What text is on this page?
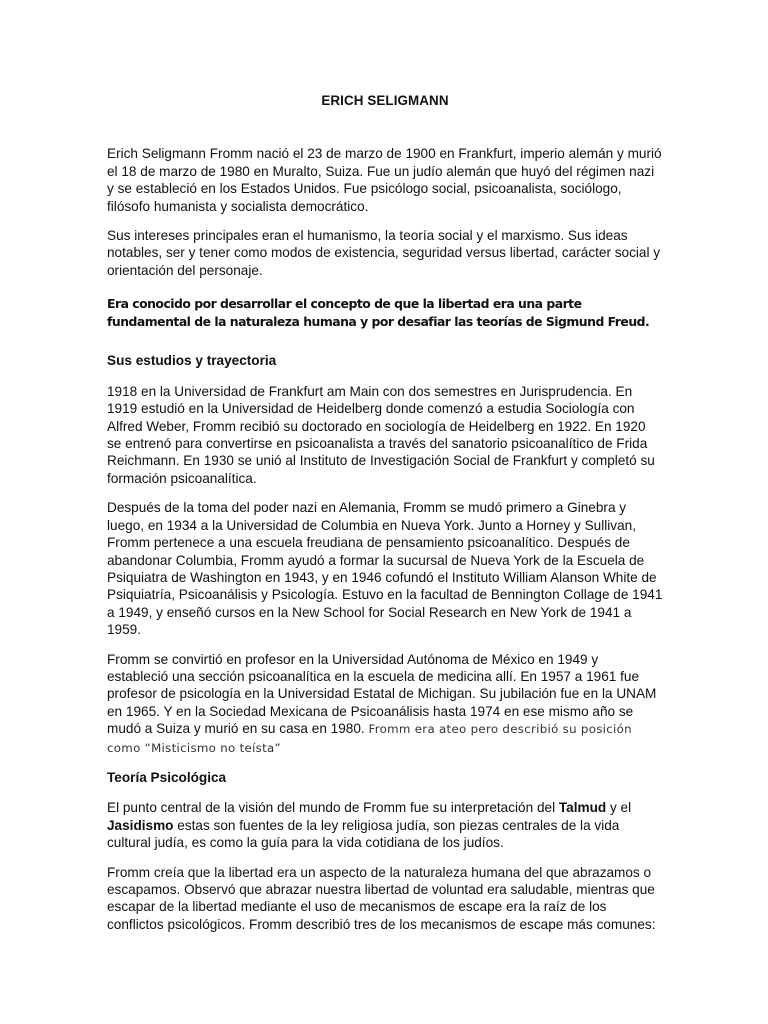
ERICH SELIGMANN

Erich Seligmann Fromm nació el 23 de marzo de 1900 en Frankfurt, imperio alemán y murió el 18 de marzo de 1980 en Muralto, Suiza. Fue un judío alemán que huyó del régimen nazi y se estableció en los Estados Unidos. Fue psicólogo social, psicoanalista, sociólogo, filósofo humanista y socialista democrático.

Sus intereses principales eran el humanismo, la teoría social y el marxismo. Sus ideas notables, ser y tener como modos de existencia, seguridad versus libertad, carácter social y orientación del personaje.

Era conocido por desarrollar el concepto de que la libertad era una parte fundamental de la naturaleza humana y por desafiar las teorías de Sigmund Freud.

Sus estudios y trayectoria

1918 en la Universidad de Frankfurt am Main con dos semestres en Jurisprudencia. En 1919 estudió en la Universidad de Heidelberg donde comenzó a estudia Sociología con Alfred Weber, Fromm recibió su doctorado en sociología de Heidelberg en 1922. En 1920 se entrenó para convertirse en psicoanalista a través del sanatorio psicoanalítico de Frida Reichmann. En 1930 se unió al Instituto de Investigación Social de Frankfurt y completó su formación psicoanalítica.

Después de la toma del poder nazi en Alemania, Fromm se mudó primero a Ginebra y luego, en 1934 a la Universidad de Columbia en Nueva York. Junto a Horney y Sullivan, Fromm pertenece a una escuela freudiana de pensamiento psicoanalítico. Después de abandonar Columbia, Fromm ayudó a formar la sucursal de Nueva York de la Escuela de Psiquiatra de Washington en 1943, y en 1946 cofundó el Instituto William Alanson White de Psiquiatría, Psicoanálisis y Psicología. Estuvo en la facultad de Bennington Collage de 1941 a 1949, y enseñó cursos en la New School for Social Research en New York de 1941 a 1959.

Fromm se convirtió en profesor en la Universidad Autónoma de México en 1949 y estableció una sección psicoanalítica en la escuela de medicina allí. En 1957 a 1961 fue profesor de psicología en la Universidad Estatal de Michigan. Su jubilación fue en la UNAM en 1965. Y en la Sociedad Mexicana de Psicoanálisis hasta 1974 en ese mismo año se mudó a Suiza y murió en su casa en 1980. Fromm era ateo pero describió su posición como “Misticismo no teísta”

Teoría Psicológica

El punto central de la visión del mundo de Fromm fue su interpretación del Talmud y el Jasidismo estas son fuentes de la ley religiosa judía, son piezas centrales de la vida cultural judía, es como la guía para la vida cotidiana de los judíos.

Fromm creía que la libertad era un aspecto de la naturaleza humana del que abrazamos o escapamos. Observó que abrazar nuestra libertad de voluntad era saludable, mientras que escapar de la libertad mediante el uso de mecanismos de escape era la raíz de los conflictos psicológicos. Fromm describió tres de los mecanismos de escape más comunes:
